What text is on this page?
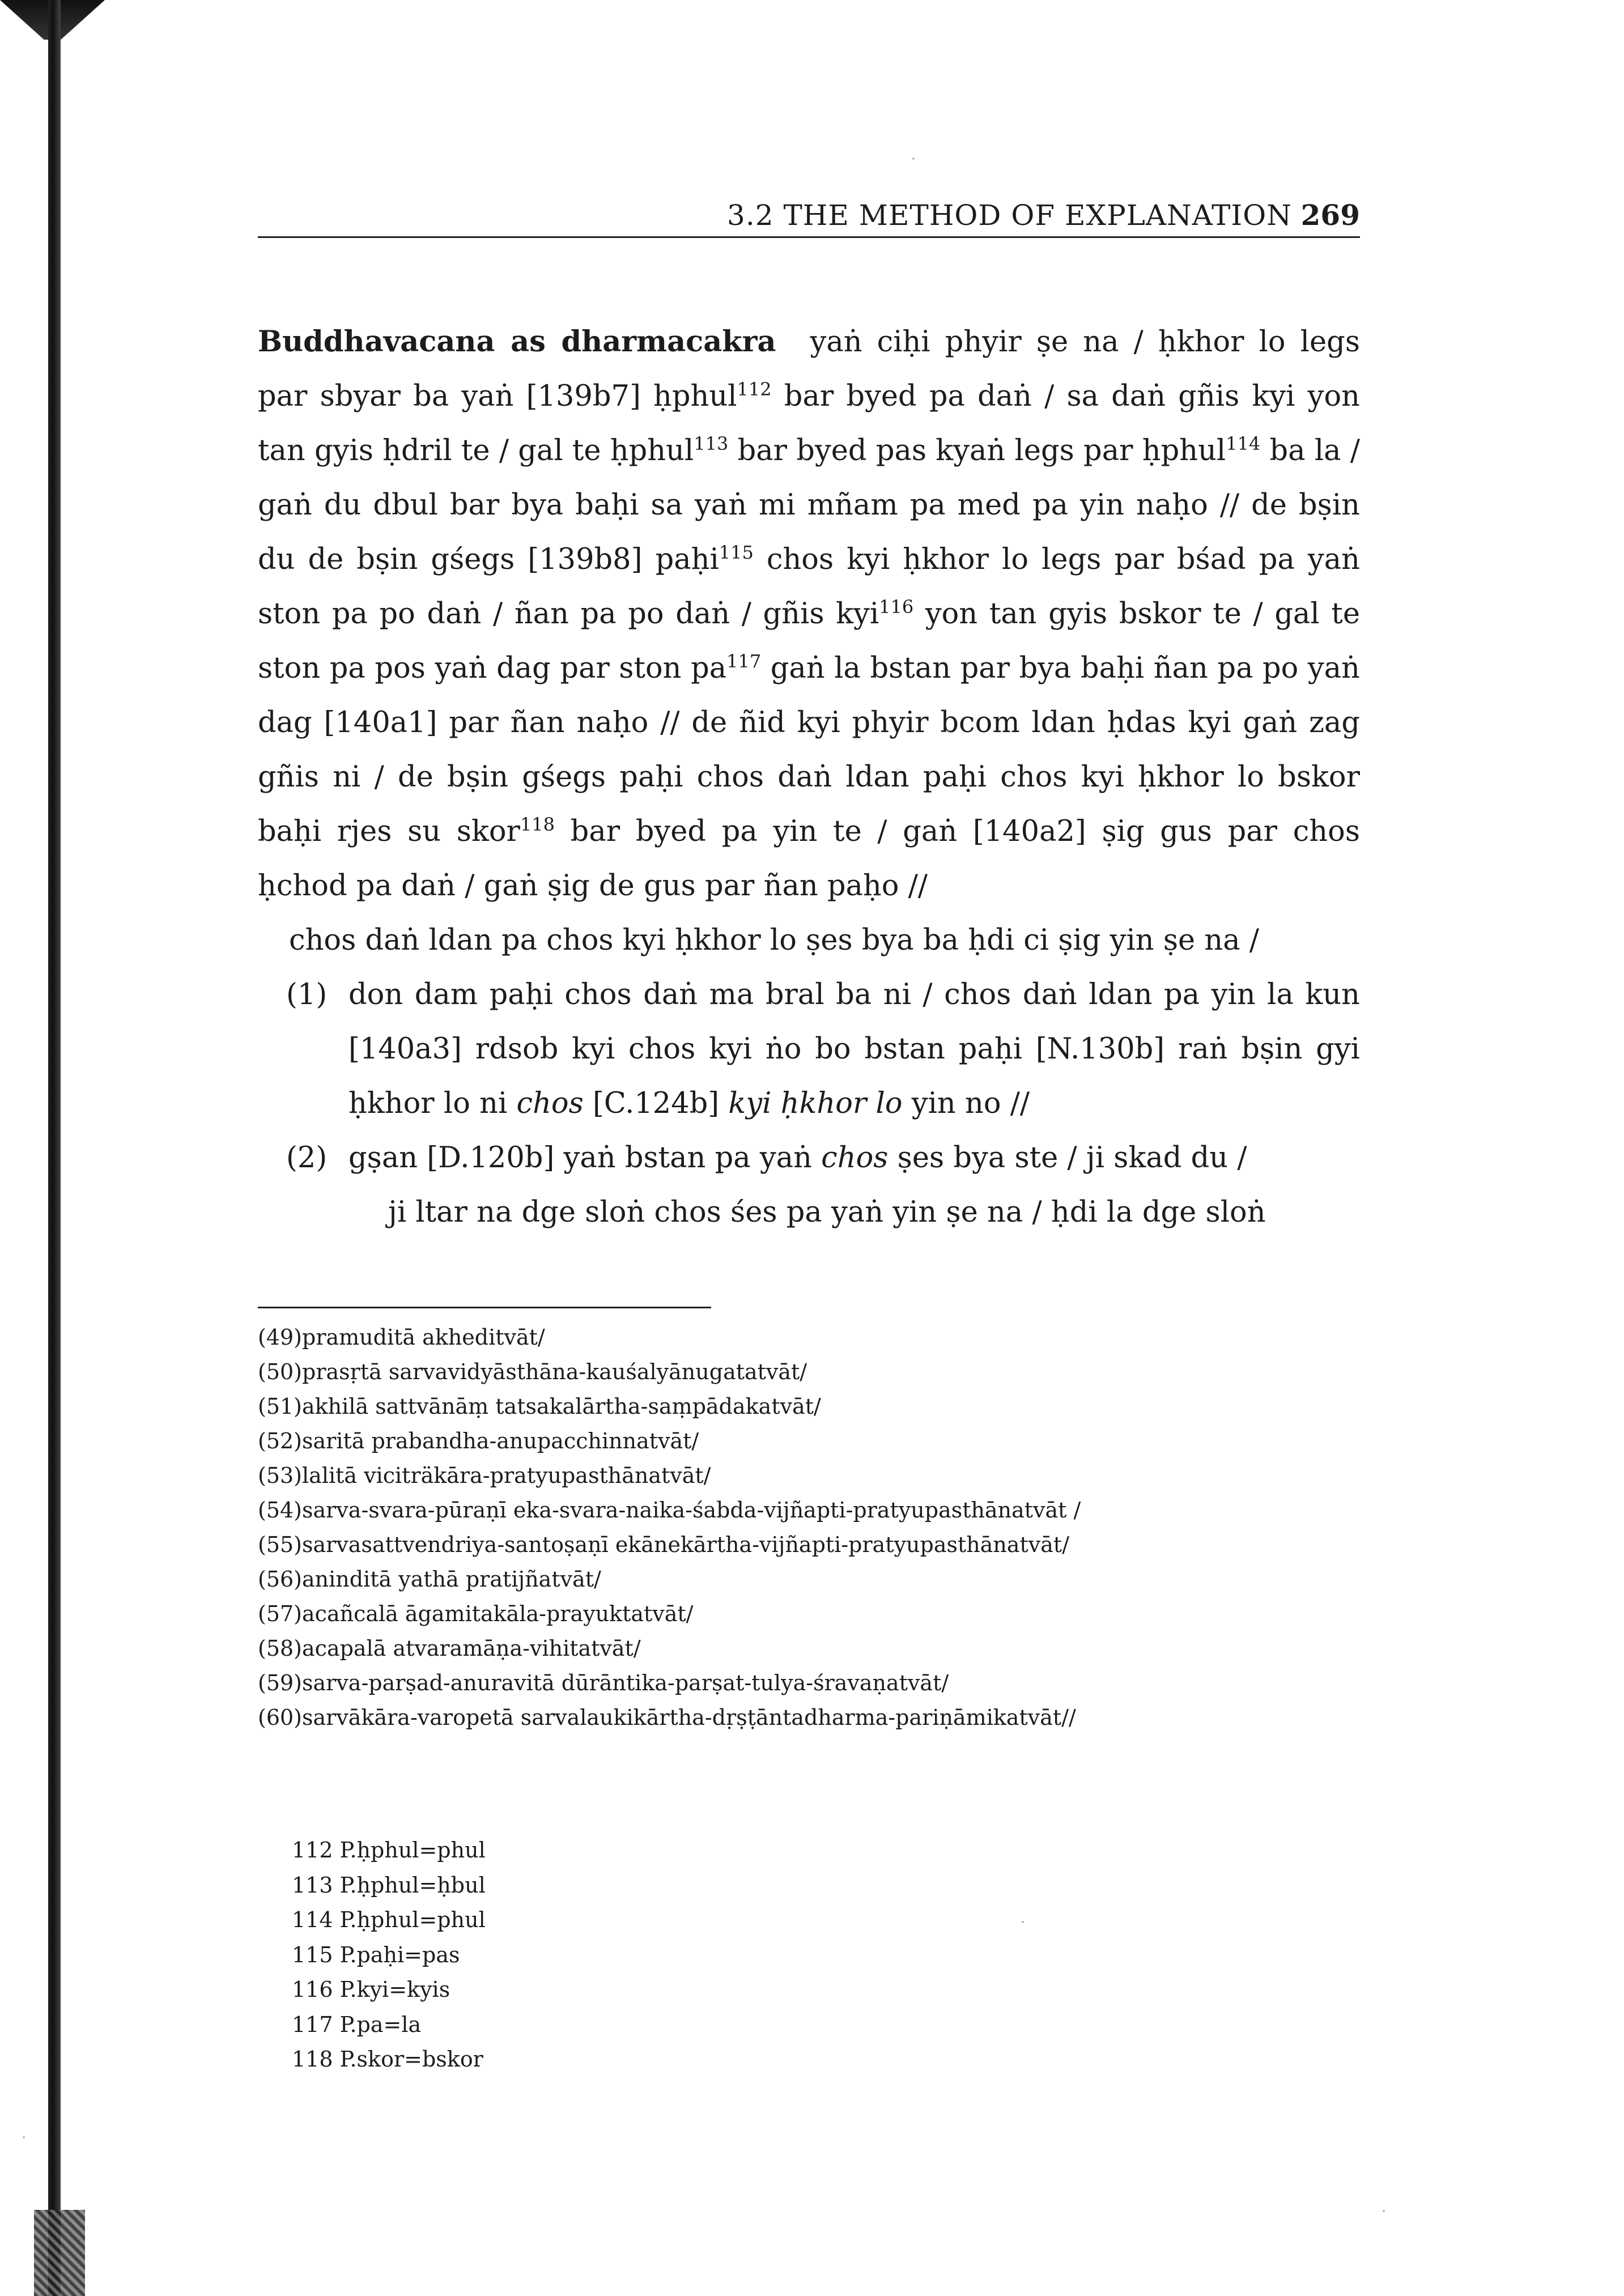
3.2 THE METHOD OF EXPLANATION 269

Buddhavacana as dharmacakra yaṅ ciḥi phyir ṣe na / ḥkhor lo legs par sbyar ba yaṅ [139b7] ḥphul$^{112}$ bar byed pa daṅ / sa daṅ gñis kyi yon tan gyis ḥdril te / gal te ḥphul$^{113}$ bar byed pas kyaṅ legs par ḥphul$^{114}$ ba la / gaṅ du dbul bar bya baḥi sa yaṅ mi mñam pa med pa yin naḥo // de bṣin du de bṣin gśegs [139b8] paḥi$^{115}$ chos kyi ḥkhor lo legs par bśad pa yaṅ ston pa po daṅ / ñan pa po daṅ / gñis kyi$^{116}$ yon tan gyis bskor te / gal te ston pa pos yaṅ dag par ston $pa^{117}$ gaṅ la bstan par bya baḥi ñan pa po yaṅ dag [140a1] par ñan naḥo // de ñid kyi phyir bcom ldan ḥdas kyi gaṅ zag gñis ni / de bṣin gśegs paḥi chos daṅ ldan paḥi chos kyi ḥkhor lo bskor baḥi rjes su skor$^{118}$ bar byed pa yin te / gaṅ [140a2] ṣig gus par chos ḥchod pa daṅ / gaṅ ṣig de gus par ñan paḥo //

chos daṅ ldan pa chos kyi ḥkhor lo ṣes bya ba ḥdi ci ṣig yin ṣe na /

(1) don dam paḥi chos daṅ ma bral ba ni / chos daṅ ldan pa yin la kun [140a3] rdsob kyi chos kyi ṅo bo bstan paḥi [N.130b] raṅ bṣin gyi ḥkhor lo ni chos [C.124b] kyi ḥkhor lo yin no //

(2) gṣan [D.120b] yaṅ bstan pa yaṅ chos ṣes bya ste / ji skad du /

ji ltar na dge sloṅ chos śes pa yaṅ yin ṣe na / ḥdi la dge sloṅ

(49)pramuditā akheditvāt/

(50)prasṛtā sarvavidyāsthāna-kauśalyānugatatvāt/

(51)akhilā sattvānāṃ tatsakalārtha-saṃpādakatvāt/

(52)saritā prabandha-anupacchinnatvāt/

(53)lalitā viciträkāra-pratyupasthānatvāt/

(54)sarva-svara-pūraṇī eka-svara-naika-śabda-vijñapti-pratyupasthānatvāt /

(55)sarvasattvendriya-santoṣaṇī ekānekārtha-vijñapti-pratyupasthānatvāt/

(56)aninditā yathā pratijñatvāt/

(57)acañcalā āgamitakāla-prayuktatvāt/

(58)acapalā atvaramāṇa-vihitatvāt/

(59)sarva-parṣad-anuravitā dūrāntika-parṣat-tulya-śravaṇatvāt/

(60)sarvākāra-varopetā sarvalaukikārtha-dṛṣṭāntadharma-pariṇāmikatvāt//

112 P.ḥphul=phul

113 P.ḥphul=ḥbul

114 P.ḥphul=phul

115 P.paḥi=pas

116 P.kyi=kyis

117 P.pa=la

118 P.skor=bskor
